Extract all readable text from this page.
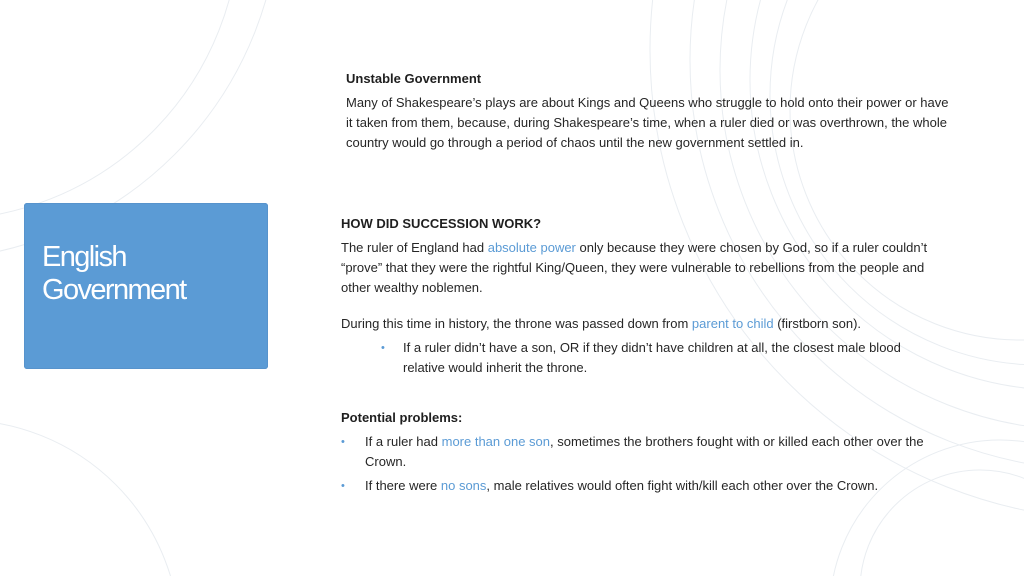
English
Government

Unstable Government

Many of Shakespeare’s plays are about Kings and Queens who struggle to hold onto their power or have it taken from them, because, during Shakespeare’s time, when a ruler died or was overthrown, the whole country would go through a period of chaos until the new government settled in.

HOW DID SUCCESSION WORK?

The ruler of England had absolute power only because they were chosen by God, so if a ruler couldn’t “prove” that they were the rightful King/Queen, they were vulnerable to rebellions from the people and other wealthy noblemen.

During this time in history, the throne was passed down from parent to child (firstborn son).

• If a ruler didn’t have a son, OR if they didn’t have children at all, the closest male blood relative would inherit the throne.

Potential problems:

• If a ruler had more than one son, sometimes the brothers fought with or killed each other over the Crown.

• If there were no sons, male relatives would often fight with/kill each other over the Crown.
